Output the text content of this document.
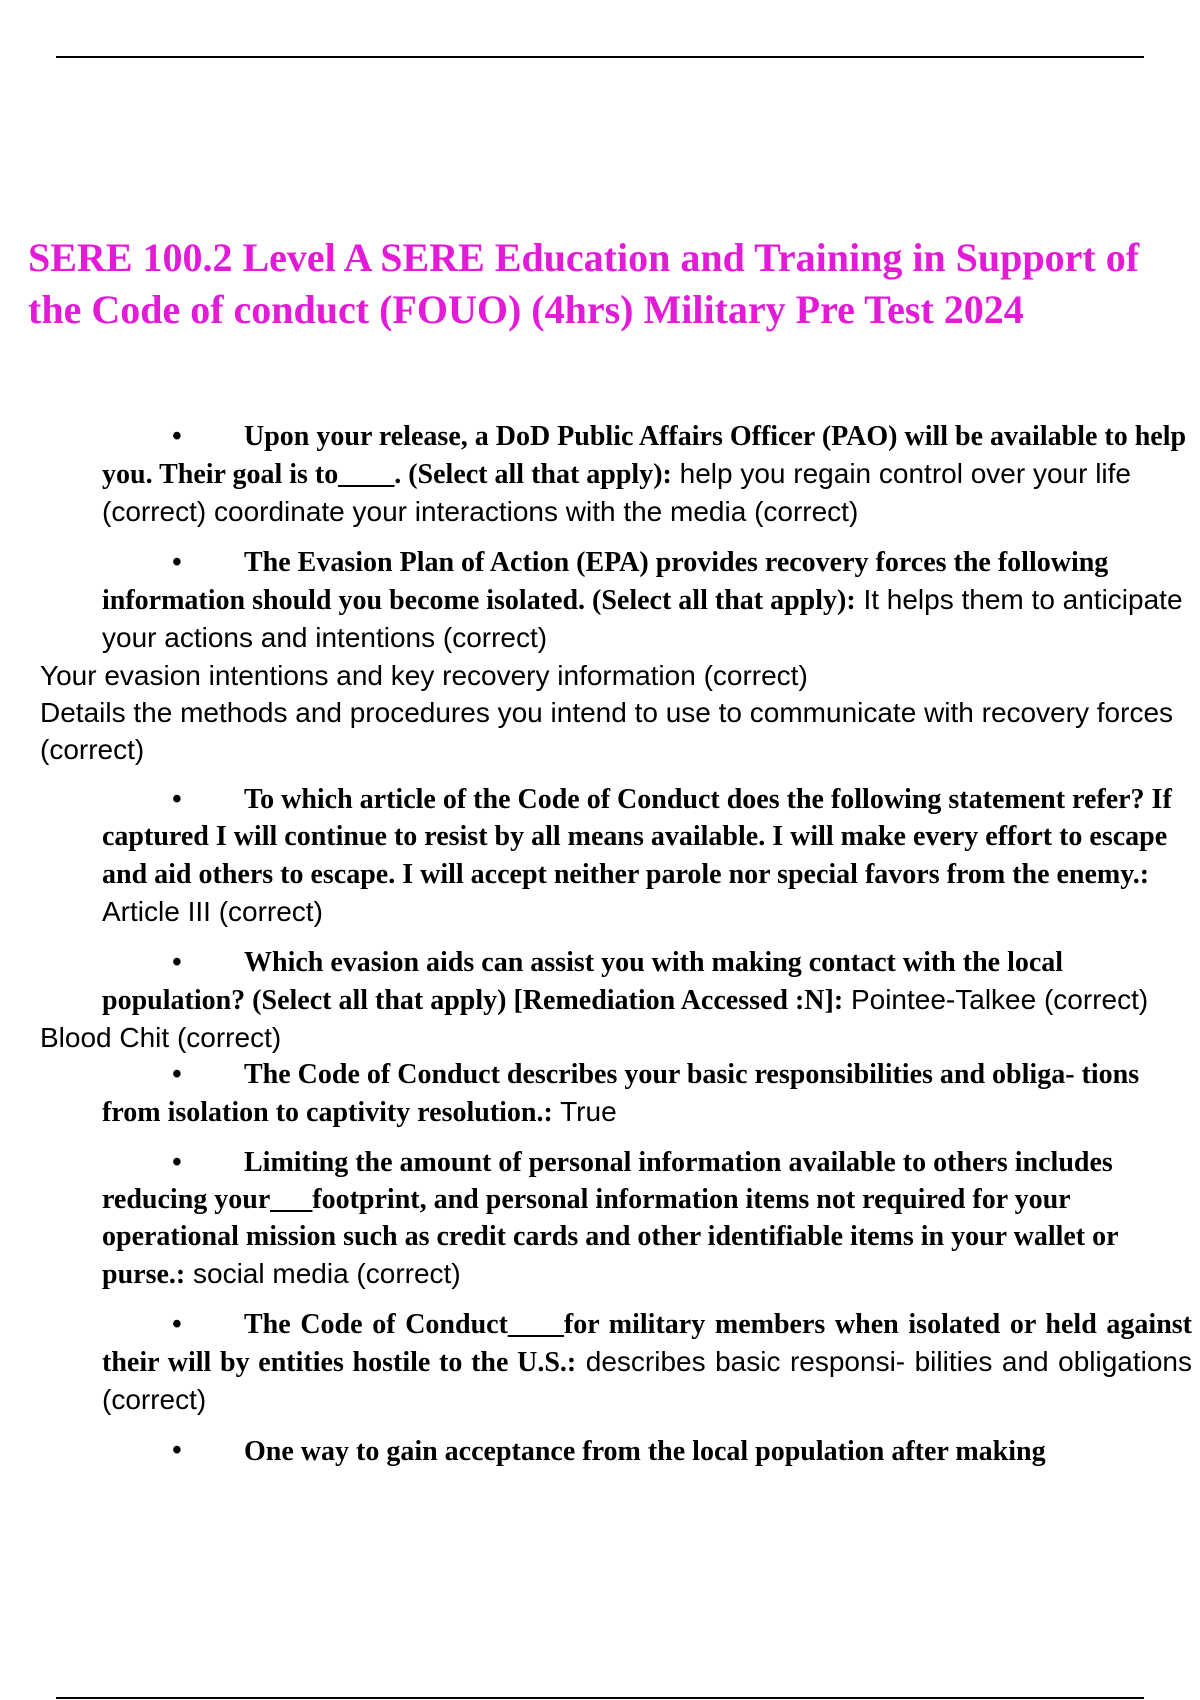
SERE 100.2 Level A SERE Education and Training in Support of the Code of conduct (FOUO) (4hrs) Military Pre Test 2024
• Upon your release, a DoD Public Affairs Officer (PAO) will be available to help you. Their goal is to____. (Select all that apply): help you regain control over your life (correct) coordinate your interactions with the media (correct)
• The Evasion Plan of Action (EPA) provides recovery forces the following information should you become isolated. (Select all that apply): It helps them to anticipate your actions and intentions (correct)
Your evasion intentions and key recovery information (correct)
Details the methods and procedures you intend to use to communicate with recovery forces (correct)
• To which article of the Code of Conduct does the following statement refer? If captured I will continue to resist by all means available. I will make every effort to escape and aid others to escape. I will accept neither parole nor special favors from the enemy.: Article III (correct)
• Which evasion aids can assist you with making contact with the local population? (Select all that apply) [Remediation Accessed :N]: Pointee-Talkee (correct)
Blood Chit (correct)
• The Code of Conduct describes your basic responsibilities and obliga- tions from isolation to captivity resolution.: True
• Limiting the amount of personal information available to others includes reducing your___footprint, and personal information items not required for your operational mission such as credit cards and other identifiable items in your wallet or purse.: social media (correct)
• The Code of Conduct____for military members when isolated or held against their will by entities hostile to the U.S.: describes basic responsi- bilities and obligations (correct)
• One way to gain acceptance from the local population after making
